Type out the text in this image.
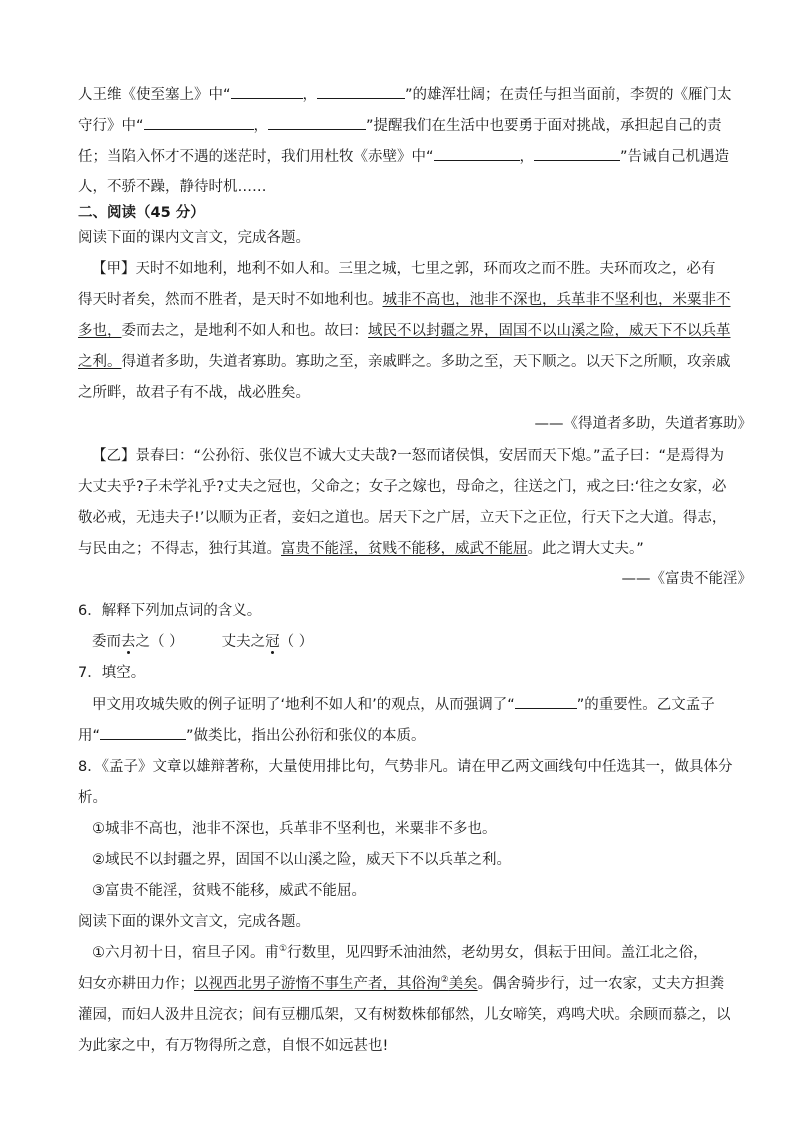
人王维《使至塞上》中“	，	”的雄浑壮阔；在责任与担当面前，李贺的《雁门太
守行》中“	，	”提醒我们在生活中也要勇于面对挑战，承担起自己的责
任；当陷入怀才不遇的迷茫时，我们用杜牧《赤壁》中“	，	”告诫自己机遇造
人，不骄不躁，静待时机……
二、阅读（45 分）
阅读下面的课内文言文，完成各题。
【甲】天时不如地利，地利不如人和。三里之城，七里之郭，环而攻之而不胜。夫环而攻之，必有
得天时者矣，然而不胜者，是天时不如地利也。城非不高也，池非不深也，兵革非不坚利也，米粟非不
多也，委而去之，是地利不如人和也。故曰：域民不以封疆之界，固国不以山溪之险，威天下不以兵革
之利。得道者多助，失道者寡助。寡助之至，亲戚畔之。多助之至，天下顺之。以天下之所顺，攻亲戚
之所畔，故君子有不战，战必胜矣。
——《得道者多助，失道者寡助》
【乙】景春曰：“公孙衍、张仪岂不诚大丈夫哉?一怒而诸侯惧，安居而天下熄。”孟子曰：“是焉得为
大丈夫乎?子未学礼乎?丈夫之冠也，父命之；女子之嫁也，母命之，往送之门，戒之曰:‘往之女家，必
敬必戒，无违夫子!’以顺为正者，妾妇之道也。居天下之广居，立天下之正位，行天下之大道。得志，
与民由之；不得志，独行其道。富贵不能淫，贫贱不能移，威武不能屈。此之谓大丈夫。”
——《富贵不能淫》
6．解释下列加点词的含义。
委而去之（ ）	丈夫之冠（ ）
7．填空。
甲文用攻城失败的例子证明了‘地利不如人和’的观点，从而强调了“	”的重要性。乙文孟子
用“	”做类比，指出公孙衍和张仪的本质。
8．《孟子》文章以雄辩著称，大量使用排比句，气势非凡。请在甲乙两文画线句中任选其一，做具体分
析。
①城非不高也，池非不深也，兵革非不坚利也，米粟非不多也。
②域民不以封疆之界，固国不以山溪之险，威天下不以兵革之利。
③富贵不能淫，贫贱不能移，威武不能屈。
阅读下面的课外文言文，完成各题。
①六月初十日，宿旦子冈。甫①行数里，见四野禾油油然，老幼男女，俱耘于田间。盖江北之俗，
妇女亦耕田力作；以视西北男子游惰不事生产者，其俗洵②美矣。偶舍骑步行，过一农家，丈夫方担粪
灌园，而妇人汲井且浣衣；间有豆棚瓜架，又有树数株郁郁然，儿女啼笑，鸡鸣犬吠。余顾而慕之，以
为此家之中，有万物得所之意，自恨不如远甚也!
